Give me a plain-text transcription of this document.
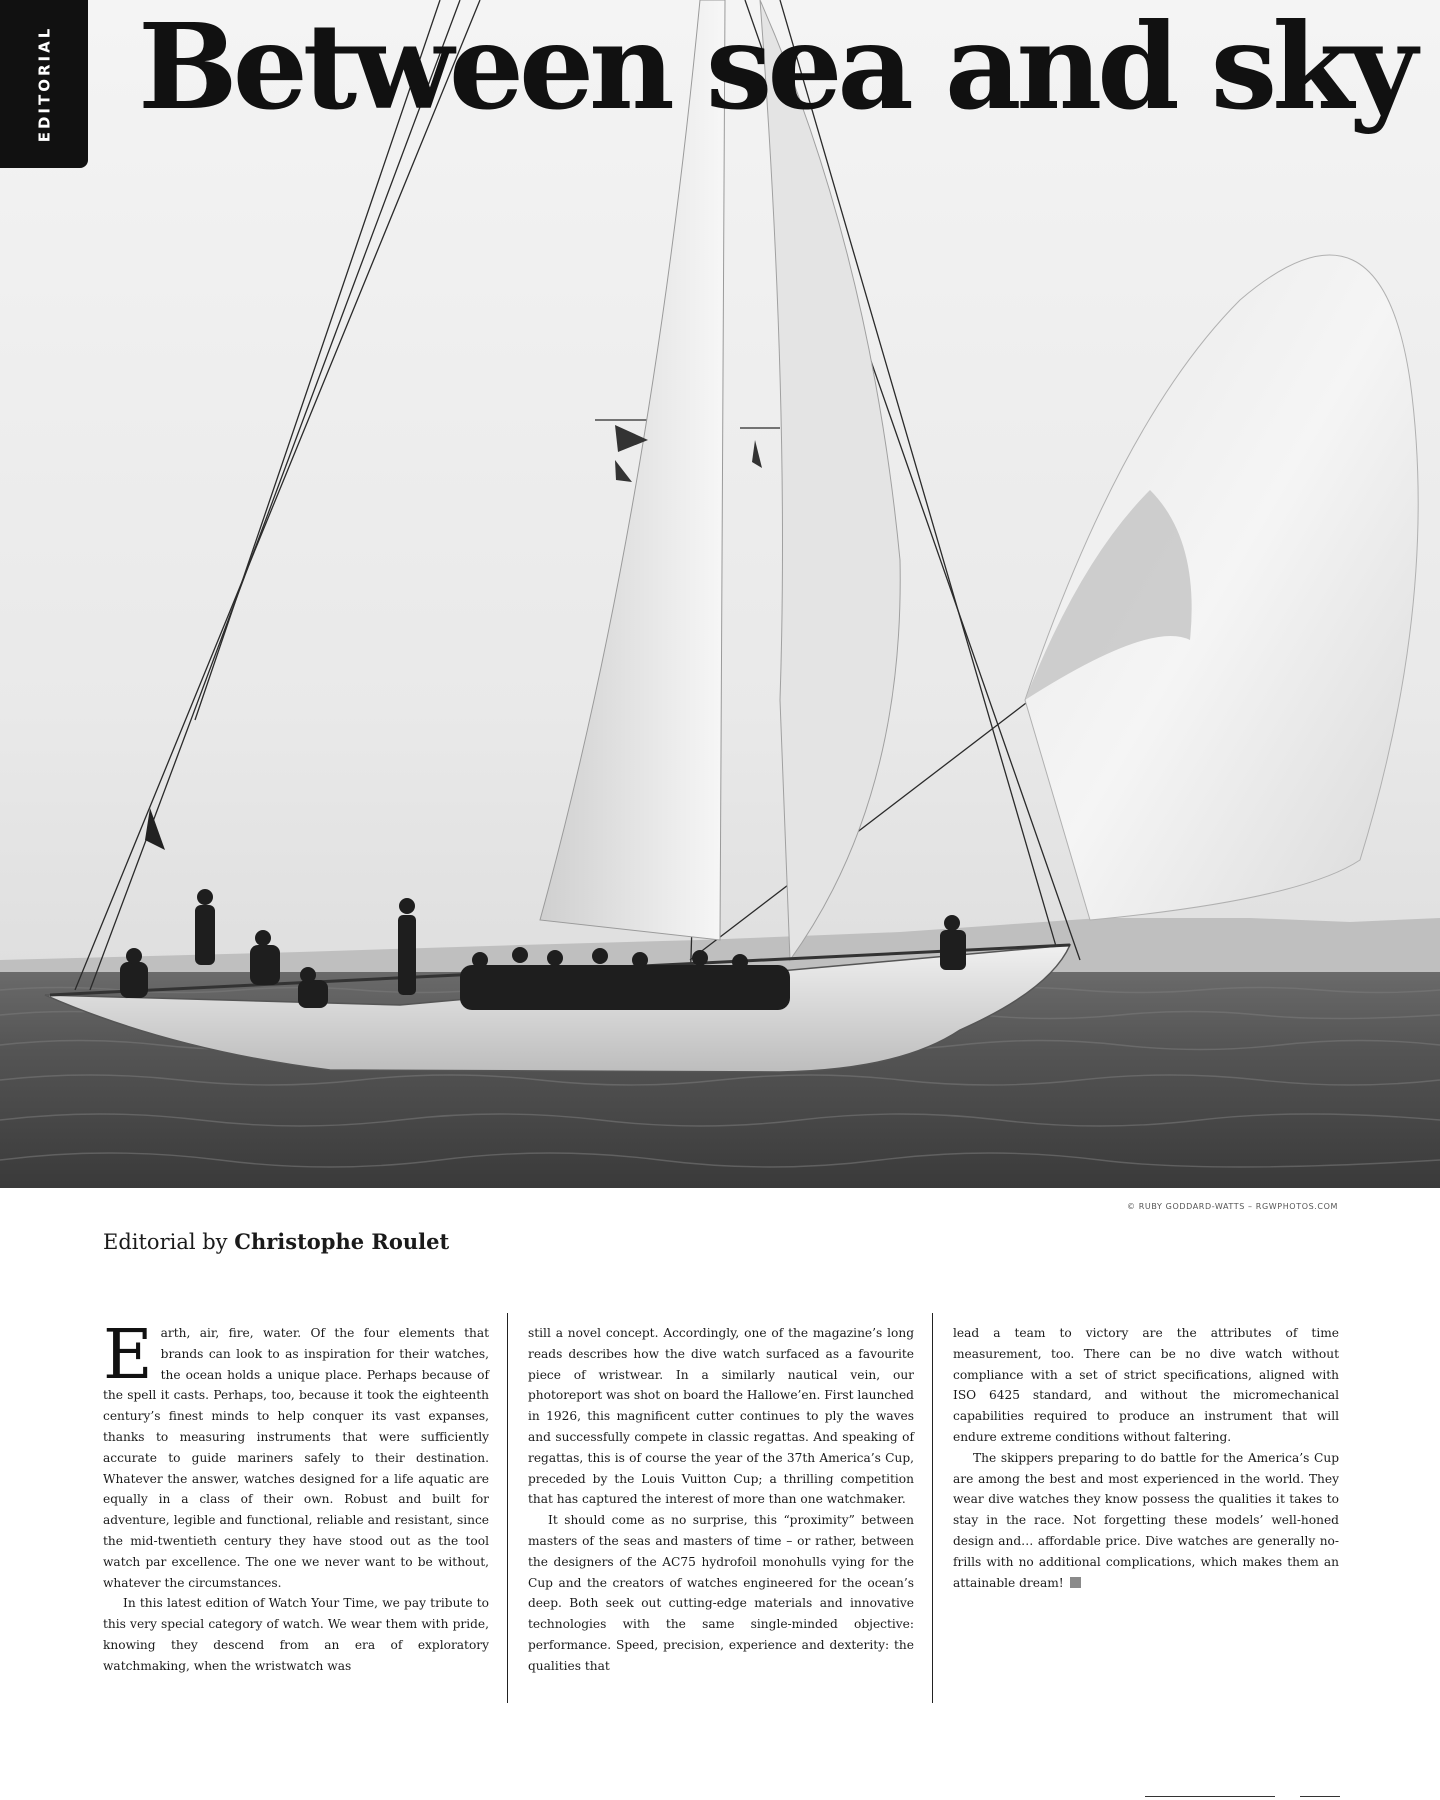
EDITORIAL Between sea and sky
© RUBY GODDARD-WATTS – RGWPHOTOS.COM
Editorial by Christophe Roulet

Earth, air, fire, water. Of the four elements that brands can look to as inspiration for their watches, the ocean holds a unique place. Perhaps because of the spell it casts. Perhaps, too, because it took the eighteenth century’s finest minds to help conquer its vast expanses, thanks to measuring instruments that were sufficiently accurate to guide mariners safely to their destination. Whatever the answer, watches designed for a life aquatic are equally in a class of their own. Robust and built for adventure, legible and functional, reliable and resistant, since the mid-twentieth century they have stood out as the tool watch par excellence. The one we never want to be without, whatever the circumstances.

In this latest edition of Watch Your Time, we pay tribute to this very special category of watch. We wear them with pride, knowing they descend from an era of exploratory watchmaking, when the wristwatch was

still a novel concept. Accordingly, one of the magazine’s long reads describes how the dive watch surfaced as a favourite piece of wristwear. In a similarly nautical vein, our photoreport was shot on board the Hallowe’en. First launched in 1926, this magnificent cutter continues to ply the waves and successfully compete in classic regattas. And speaking of regattas, this is of course the year of the 37th America’s Cup, preceded by the Louis Vuitton Cup; a thrilling competition that has captured the interest of more than one watchmaker.

It should come as no surprise, this “proximity” between masters of the seas and masters of time – or rather, between the designers of the AC75 hydrofoil monohulls vying for the Cup and the creators of watches engineered for the ocean’s deep. Both seek out cutting-edge materials and innovative technologies with the same single-minded objective: performance. Speed, precision, experience and dexterity: the qualities that

lead a team to victory are the attributes of time measurement, too. There can be no dive watch without compliance with a set of strict specifications, aligned with ISO 6425 standard, and without the micromechanical capabilities required to produce an instrument that will endure extreme conditions without faltering.

The skippers preparing to do battle for the America’s Cup are among the best and most experienced in the world. They wear dive watches they know possess the qualities it takes to stay in the race. Not forgetting these models’ well-honed design and… affordable price. Dive watches are generally no-frills with no additional complications, which makes them an attainable dream!
